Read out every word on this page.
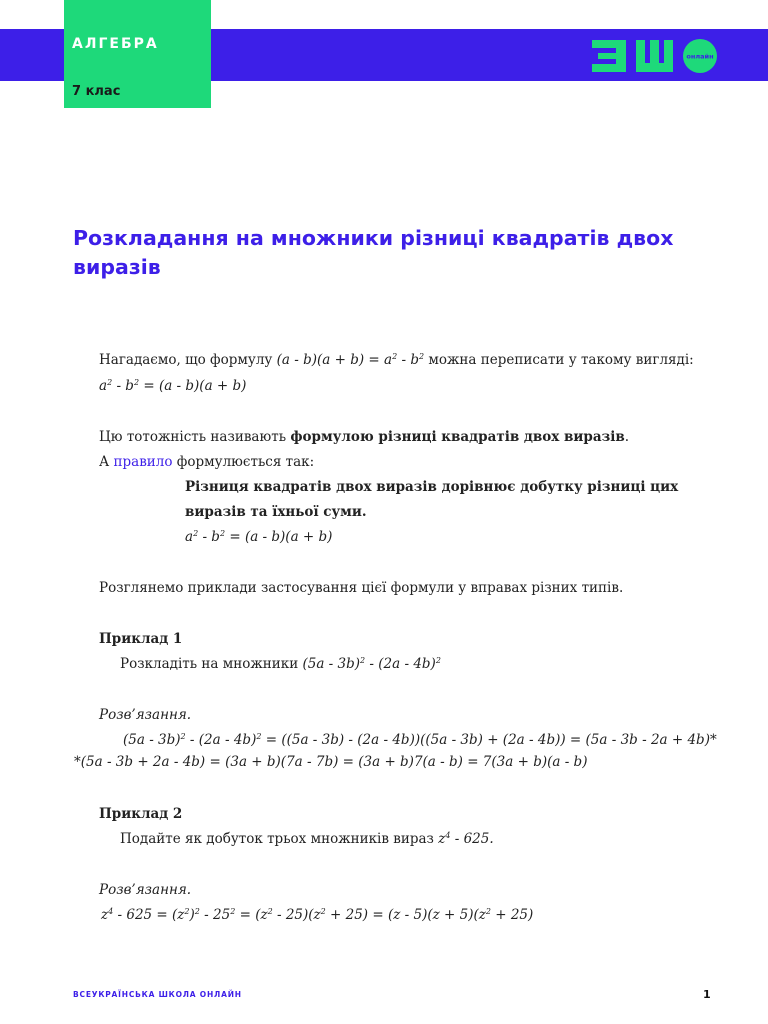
АЛГЕБРА
7 клас
онлайн
Розкладання на множники різниці квадратів двох виразів
Нагадаємо, що формулу $(a - b)(a + b) = a^2 - b^2$ можна переписати у такому вигляді:
$a^2 - b^2 = (a - b)(a + b)$
Цю тотожність називають формулою різниці квадратів двох виразів.
А правило формулюється так:
Різниця квадратів двох виразів дорівнює добутку різниці цих
виразів та їхньої суми.
$a^2 - b^2 = (a - b)(a + b)$
Розглянемо приклади застосування цієї формули у вправах різних типів.
Приклад 1
Розкладіть на множники (5a - 3b)$^2$ - (2a - 4b)$^2$
Розв’язання.
(5a - 3b)$^2$ - (2a - 4b)$^2$ = ((5a - 3b) - (2a - 4b))((5a - 3b) + (2a - 4b)) = (5a - 3b - 2a + 4b)*
*(5a - 3b + 2a - 4b) = (3a + b)(7a - 7b) = (3a + b)7(a - b) = 7(3a + b)(a - b)
Приклад 2
Подайте як добуток трьох множників вираз $z^4 - 625$.
Розв’язання.
$z^4 - 625 = (z^2)^2 - 25^2 = (z^2 - 25)(z^2 + 25) = (z - 5)(z + 5)(z^2 + 25)$
ВСЕУКРАЇНСЬКА ШКОЛА ОНЛАЙН	1
